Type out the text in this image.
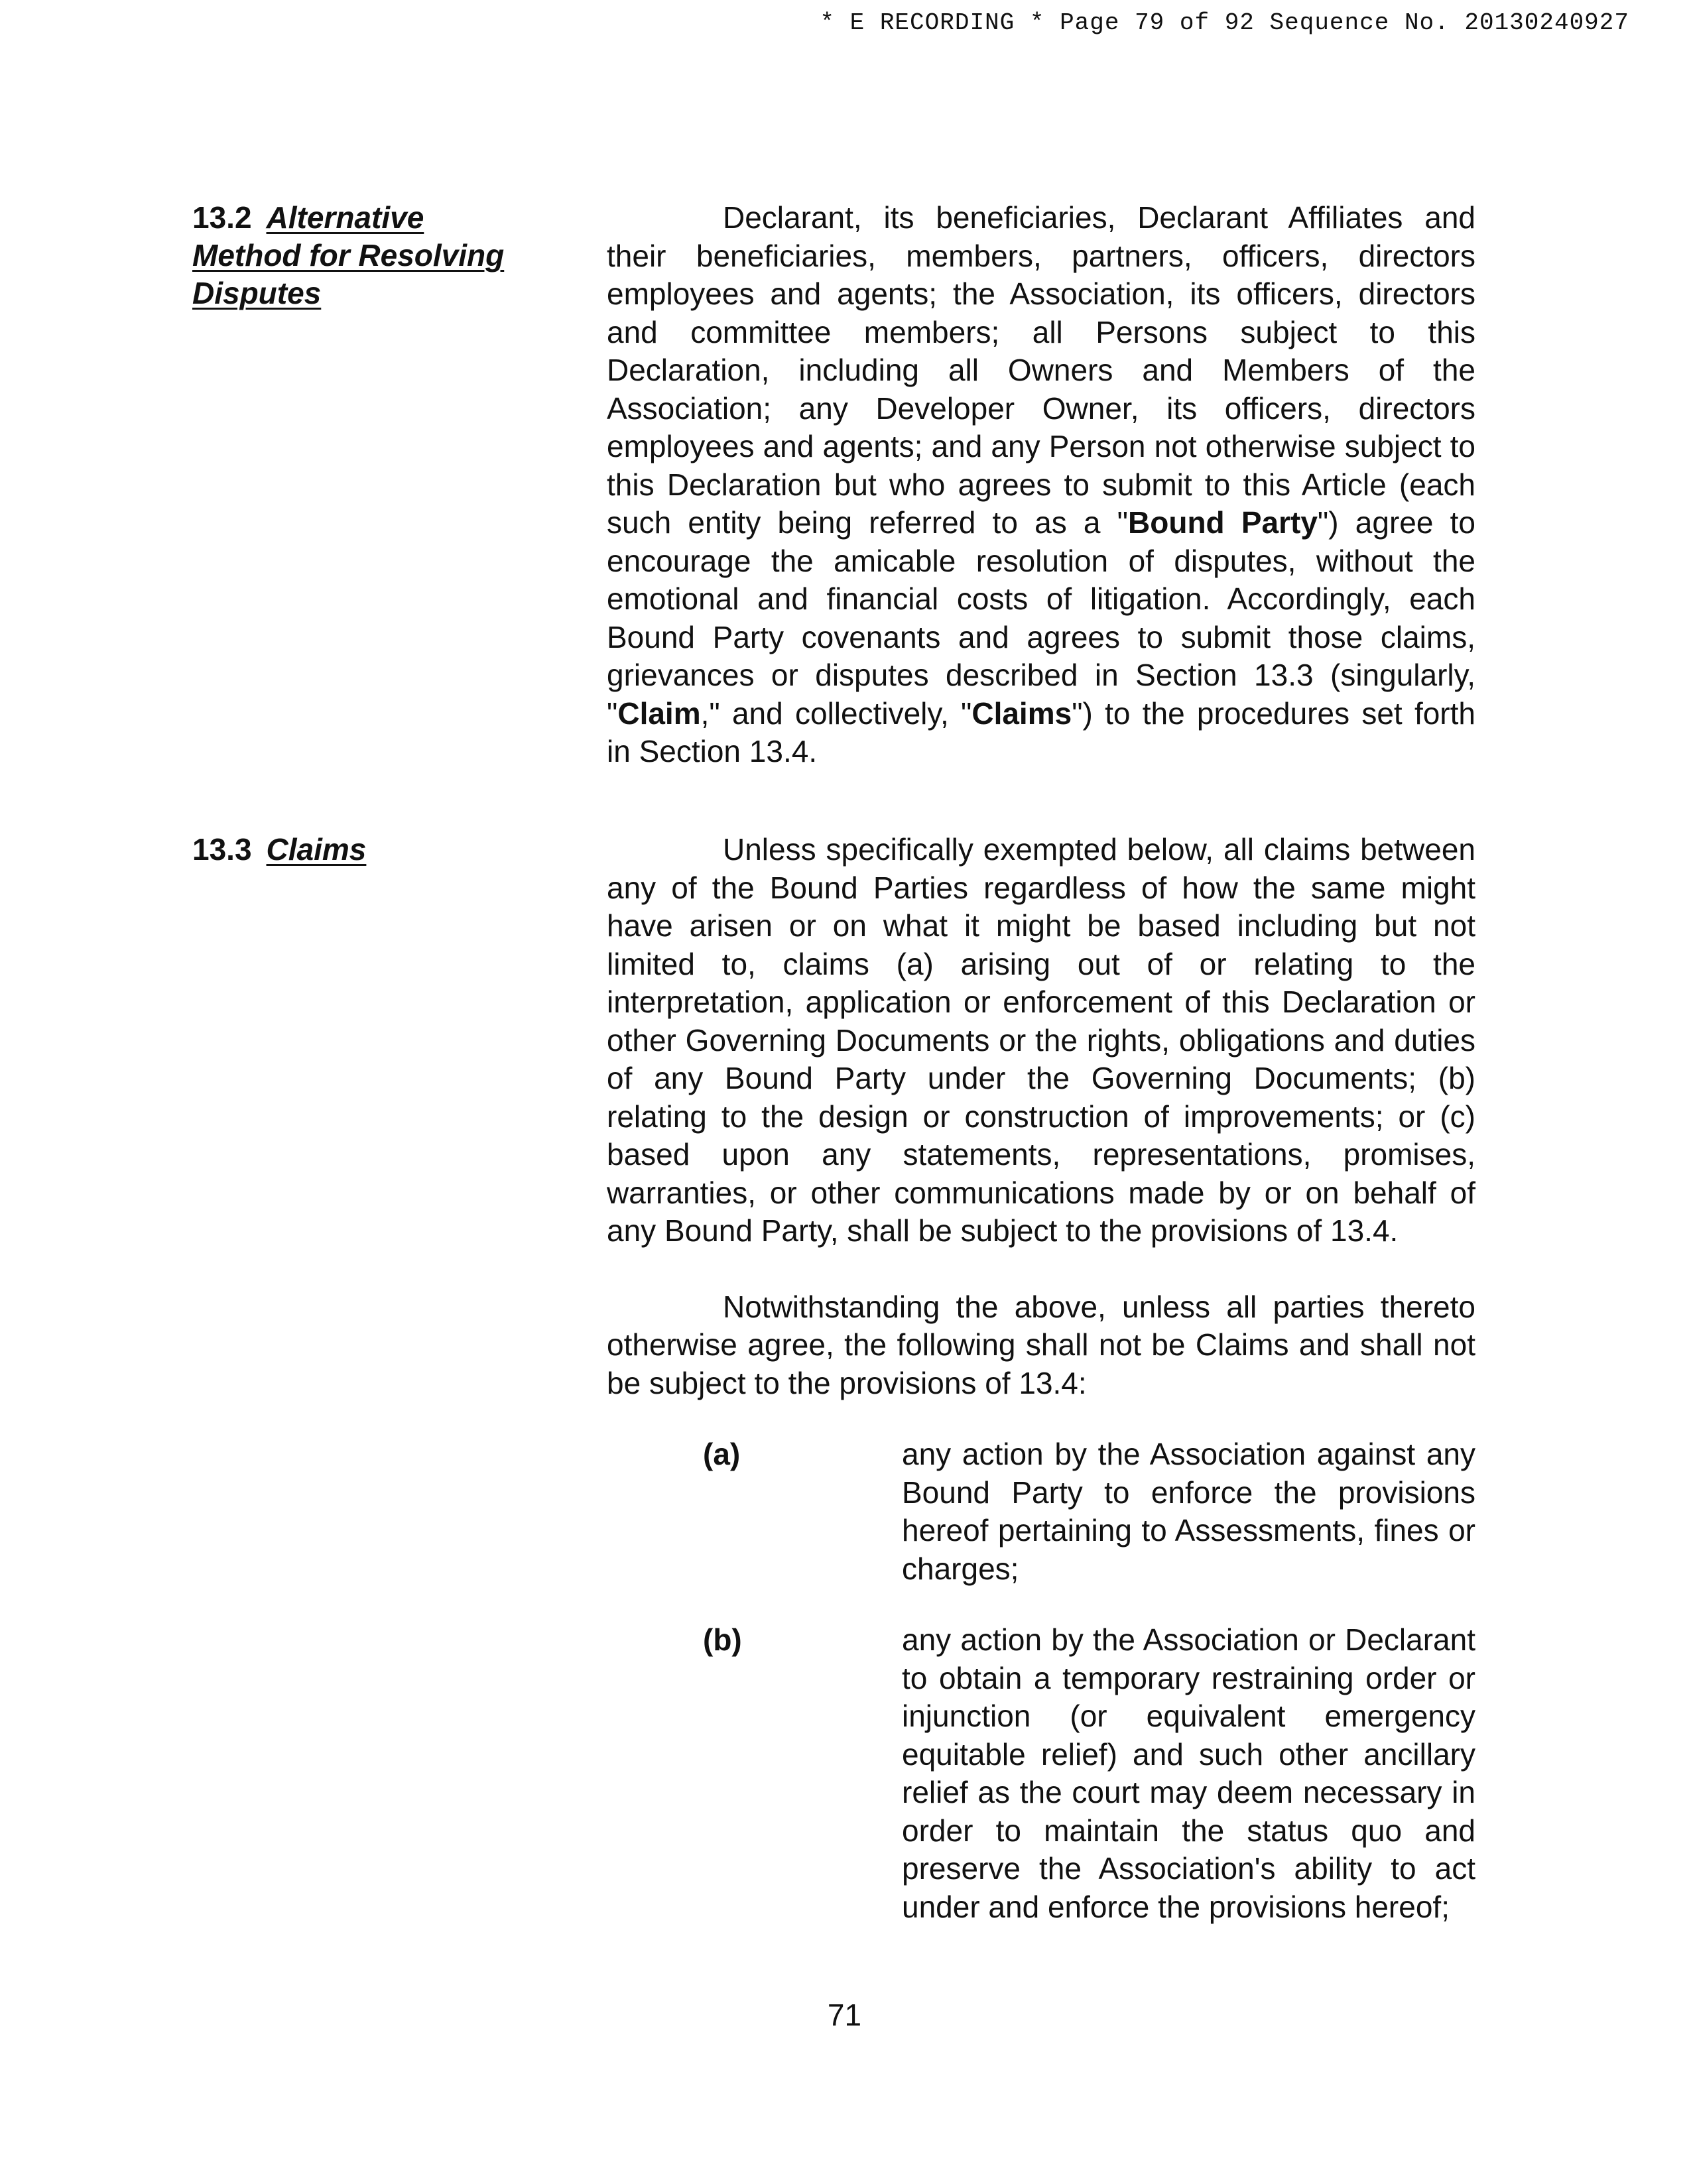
* E RECORDING * Page 79 of 92 Sequence No. 20130240927
13.2 Alternative
Method for Resolving
Disputes

Declarant, its beneficiaries, Declarant Affiliates and their beneficiaries, members, partners, officers, directors employees and agents; the Association, its officers, directors and committee members; all Persons subject to this Declaration, including all Owners and Members of the Association; any Developer Owner, its officers, directors employees and agents; and any Person not otherwise subject to this Declaration but who agrees to submit to this Article (each such entity being referred to as a "Bound Party") agree to encourage the amicable resolution of disputes, without the emotional and financial costs of litigation. Accordingly, each Bound Party covenants and agrees to submit those claims, grievances or disputes described in Section 13.3 (singularly, "Claim," and collectively, "Claims") to the procedures set forth in Section 13.4.

13.3 Claims	Unless specifically exempted below, all claims between any of the Bound Parties regardless of how the same might have arisen or on what it might be based including but not limited to, claims (a) arising out of or relating to the interpretation, application or enforcement of this Declaration or other Governing Documents or the rights, obligations and duties of any Bound Party under the Governing Documents; (b) relating to the design or construction of improvements; or (c) based upon any statements, representations, promises, warranties, or other communications made by or on behalf of any Bound Party, shall be subject to the provisions of 13.4.

Notwithstanding the above, unless all parties thereto otherwise agree, the following shall not be Claims and shall not be subject to the provisions of 13.4:

(a)	any action by the Association against any Bound Party to enforce the provisions hereof pertaining to Assessments, fines or charges;
(b)	any action by the Association or Declarant to obtain a temporary restraining order or injunction (or equivalent emergency equitable relief) and such other ancillary relief as the court may deem necessary in order to maintain the status quo and preserve the Association's ability to act under and enforce the provisions hereof;
71
